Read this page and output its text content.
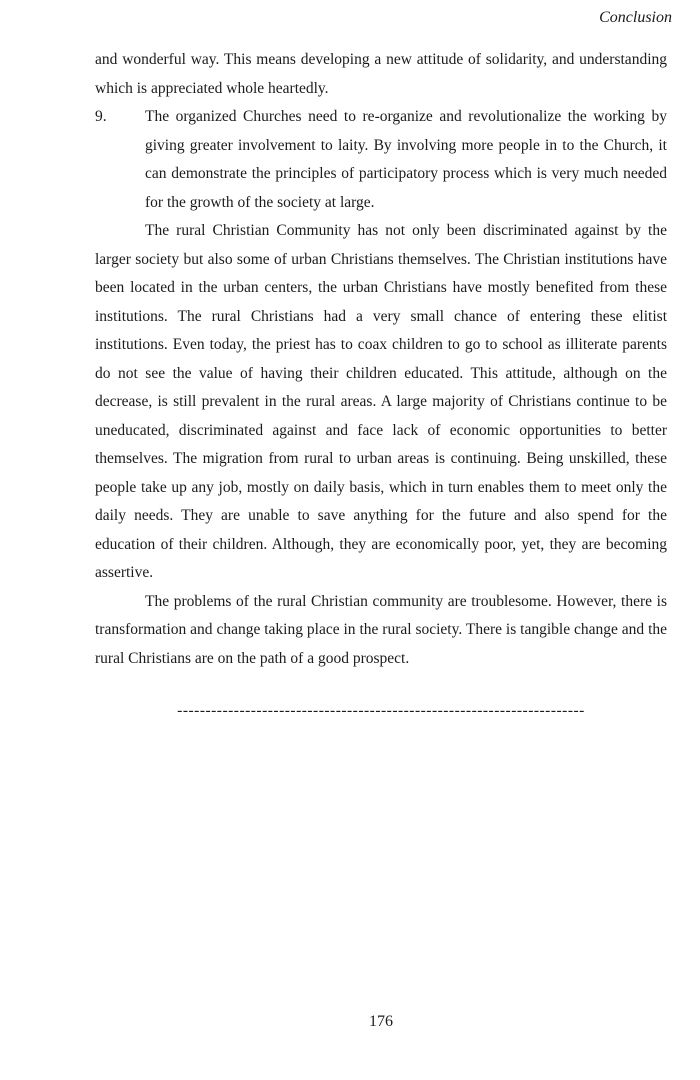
Conclusion

and wonderful way. This means developing a new attitude of solidarity, and understanding which is appreciated whole heartedly.

9. The organized Churches need to re-organize and revolutionalize the working by giving greater involvement to laity. By involving more people in to the Church, it can demonstrate the principles of participatory process which is very much needed for the growth of the society at large.

The rural Christian Community has not only been discriminated against by the larger society but also some of urban Christians themselves. The Christian institutions have been located in the urban centers, the urban Christians have mostly benefited from these institutions. The rural Christians had a very small chance of entering these elitist institutions. Even today, the priest has to coax children to go to school as illiterate parents do not see the value of having their children educated. This attitude, although on the decrease, is still prevalent in the rural areas. A large majority of Christians continue to be uneducated, discriminated against and face lack of economic opportunities to better themselves. The migration from rural to urban areas is continuing. Being unskilled, these people take up any job, mostly on daily basis, which in turn enables them to meet only the daily needs. They are unable to save anything for the future and also spend for the education of their children. Although, they are economically poor, yet, they are becoming assertive.

The problems of the rural Christian community are troublesome. However, there is transformation and change taking place in the rural society. There is tangible change and the rural Christians are on the path of a good prospect.

------------------------------------------------------------------------
176
